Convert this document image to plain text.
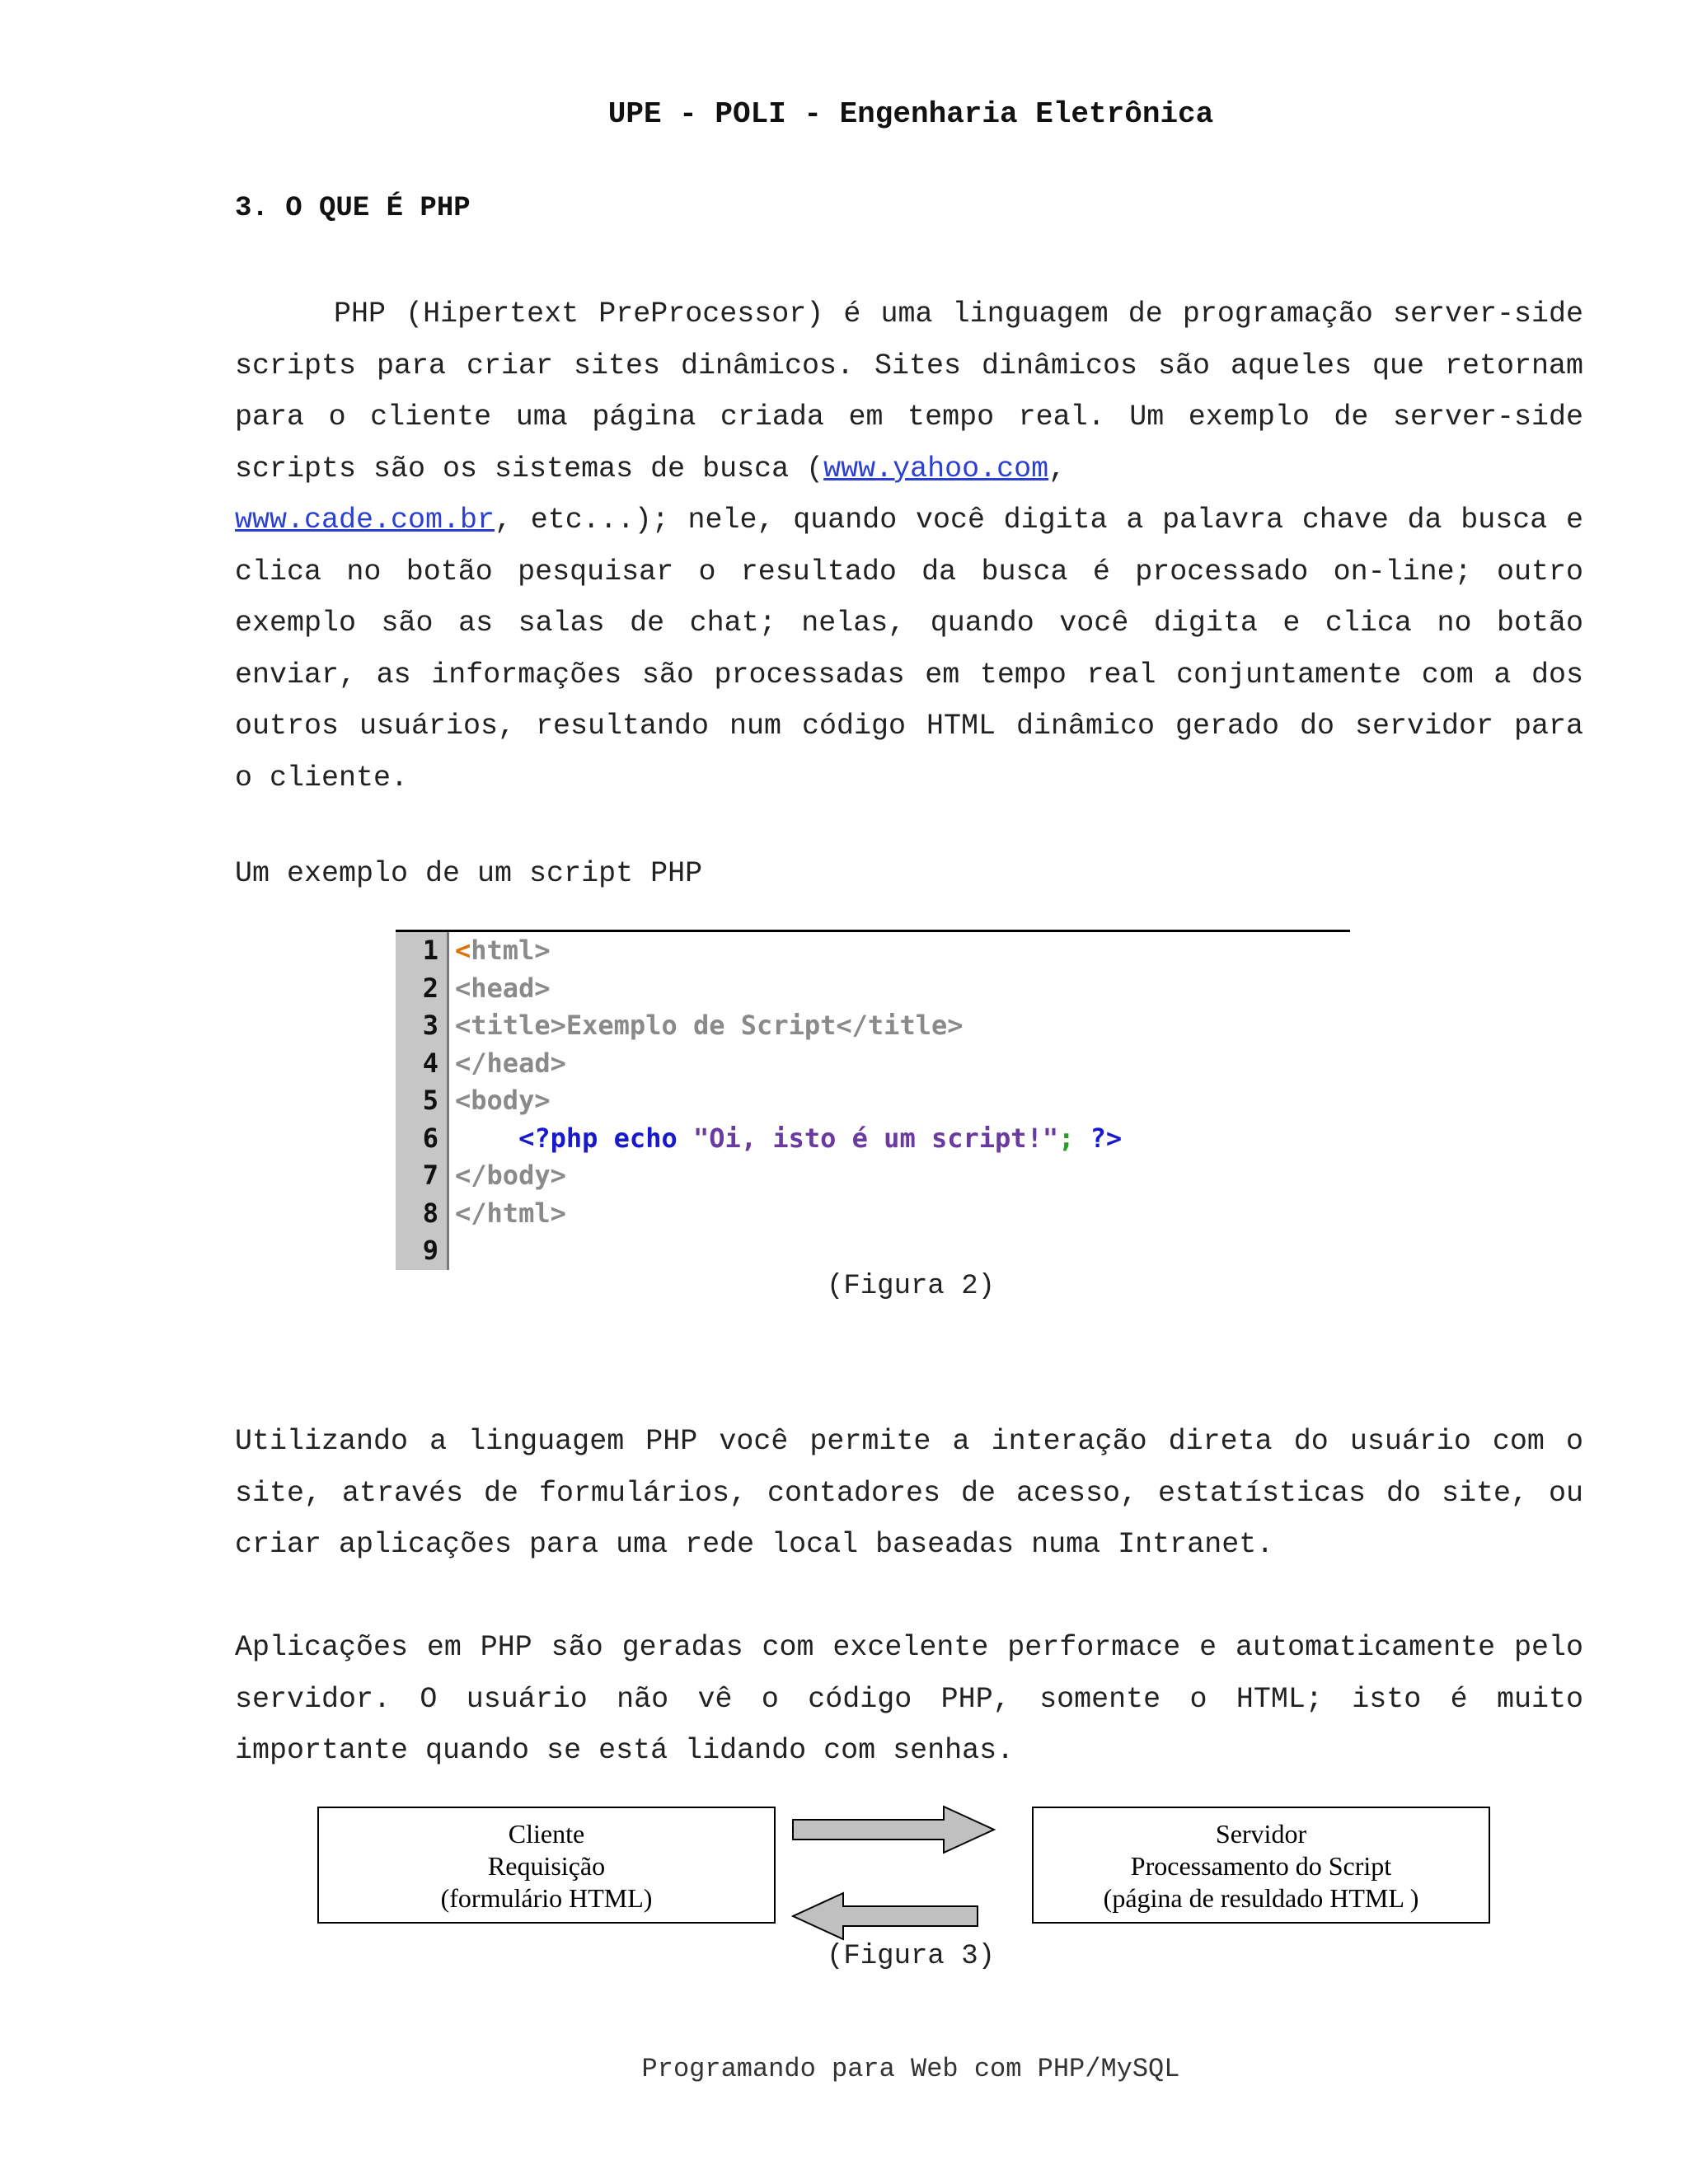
UPE - POLI - Engenharia Eletrônica
3. O QUE É PHP
PHP (Hipertext PreProcessor) é uma linguagem de programação server-side scripts para criar sites dinâmicos. Sites dinâmicos são aqueles que retornam para o cliente uma página criada em tempo real. Um exemplo de server-side scripts são os sistemas de busca (www.yahoo.com,
www.cade.com.br, etc...); nele, quando você digita a palavra chave da busca e clica no botão pesquisar o resultado da busca é processado on-line; outro exemplo são as salas de chat; nelas, quando você digita e clica no botão enviar, as informações são processadas em tempo real conjuntamente com a dos outros usuários, resultando num código HTML dinâmico gerado do servidor para o cliente.
Um exemplo de um script PHP
1
2
3
4
5
6
7
8
9
<html>
<head>
<title>Exemplo de Script</title>
</head>
<body>
<?php echo "Oi, isto é um script!"; ?>
</body>
</html>
(Figura 2)
Utilizando a linguagem PHP você permite a interação direta do usuário com o site, através de formulários, contadores de acesso, estatísticas do site, ou criar aplicações para uma rede local baseadas numa Intranet.
Aplicações em PHP são geradas com excelente performace e automaticamente pelo servidor. O usuário não vê o código PHP, somente o HTML; isto é muito importante quando se está lidando com senhas.
Cliente
Requisição
(formulário HTML)
Servidor
Processamento do Script
(página de resuldado HTML )
(Figura 3)
Programando para Web com PHP/MySQL
